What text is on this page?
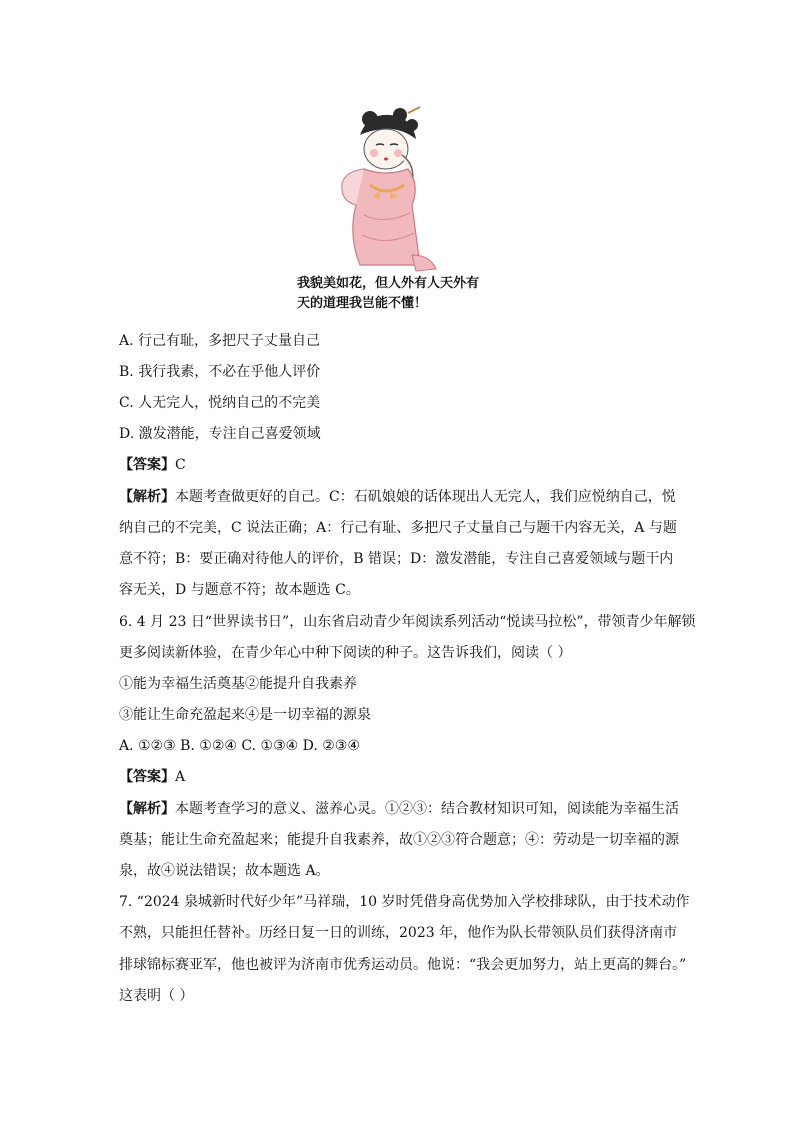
我貌美如花，但人外有人天外有
天的道理我岂能不懂！
A. 行己有耻，多把尺子丈量自己
B. 我行我素，不必在乎他人评价
C. 人无完人，悦纳自己的不完美
D. 激发潜能，专注自己喜爱领域
【答案】C
【解析】本题考查做更好的自己。C：石矶娘娘的话体现出人无完人，我们应悦纳自己，悦
纳自己的不完美，C 说法正确；A：行己有耻、多把尺子丈量自己与题干内容无关，A 与题
意不符；B：要正确对待他人的评价，B 错误；D：激发潜能，专注自己喜爱领域与题干内
容无关，D 与题意不符；故本题选 C。
6. 4 月 23 日“世界读书日”，山东省启动青少年阅读系列活动“悦读马拉松”，带领青少年解锁
更多阅读新体验，在青少年心中种下阅读的种子。这告诉我们，阅读（ ）
①能为幸福生活奠基②能提升自我素养
③能让生命充盈起来④是一切幸福的源泉
A. ①②③ B. ①②④ C. ①③④ D. ②③④
【答案】A
【解析】本题考查学习的意义、滋养心灵。①②③：结合教材知识可知，阅读能为幸福生活
奠基；能让生命充盈起来；能提升自我素养，故①②③符合题意；④：劳动是一切幸福的源
泉，故④说法错误；故本题选 A。
7. “2024 泉城新时代好少年”马祥瑞，10 岁时凭借身高优势加入学校排球队，由于技术动作
不熟，只能担任替补。历经日复一日的训练，2023 年，他作为队长带领队员们获得济南市
排球锦标赛亚军，他也被评为济南市优秀运动员。他说：“我会更加努力，站上更高的舞台。”
这表明（ ）
